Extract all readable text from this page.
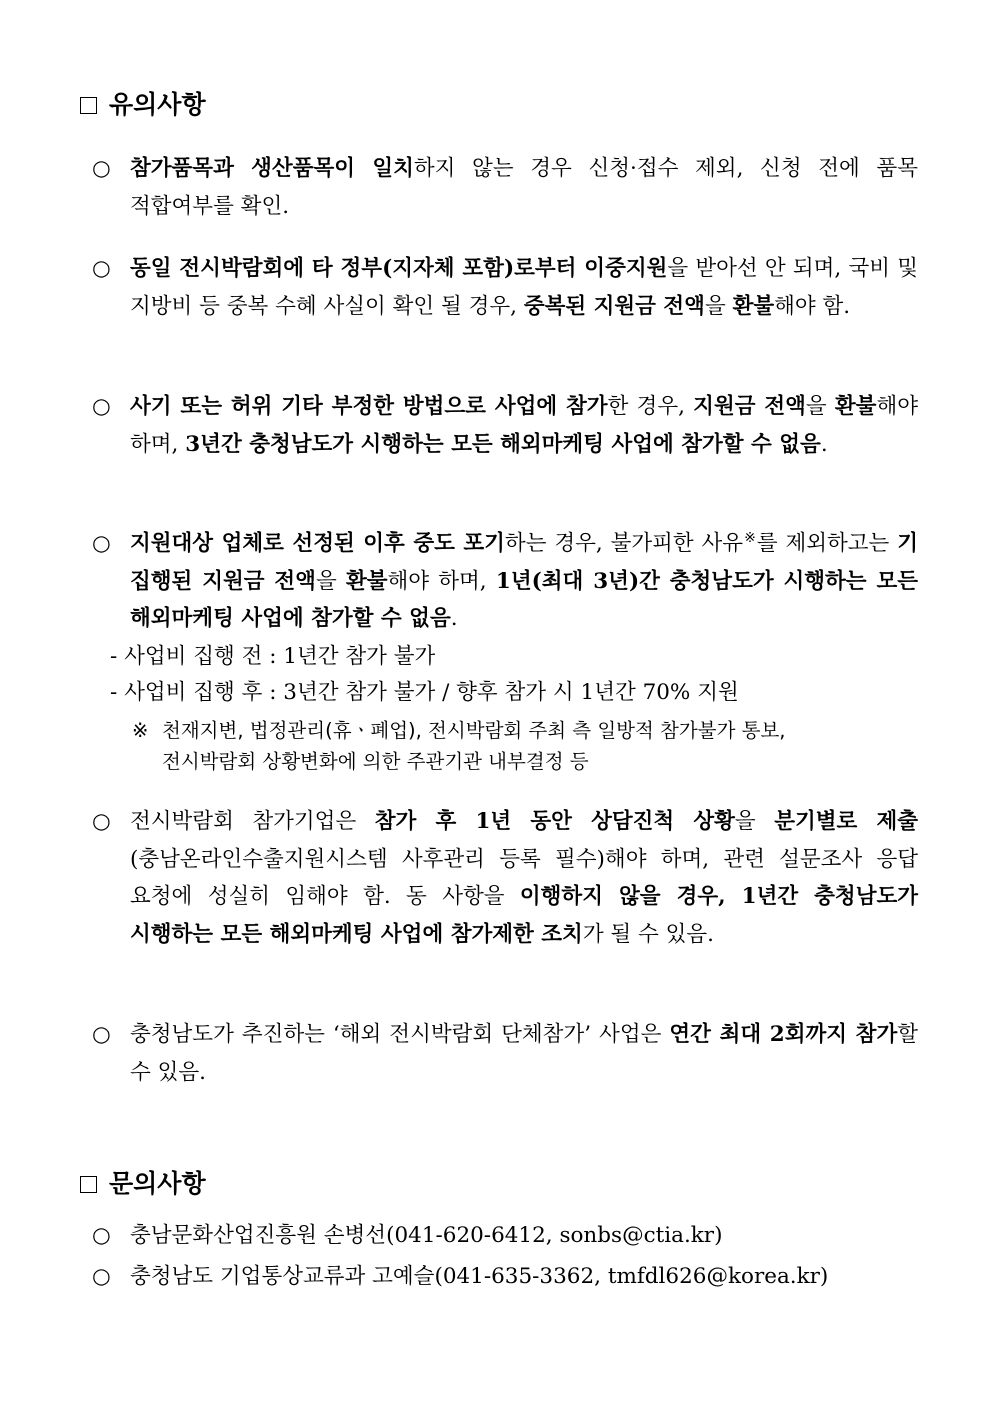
유의사항
○ 참가품목과 생산품목이 일치하지 않는 경우 신청·접수 제외, 신청 전에 품목 적합여부를 확인.
○ 동일 전시박람회에 타 정부(지자체 포함)로부터 이중지원을 받아선 안 되며, 국비 및 지방비 등 중복 수혜 사실이 확인 될 경우, 중복된 지원금 전액을 환불해야 함.
○ 사기 또는 허위 기타 부정한 방법으로 사업에 참가한 경우, 지원금 전액을 환불해야 하며, 3년간 충청남도가 시행하는 모든 해외마케팅 사업에 참가할 수 없음.
○ 지원대상 업체로 선정된 이후 중도 포기하는 경우, 불가피한 사유※를 제외하고는 기 집행된 지원금 전액을 환불해야 하며, 1년(최대 3년)간 충청남도가 시행하는 모든 해외마케팅 사업에 참가할 수 없음.
- 사업비 집행 전 : 1년간 참가 불가
- 사업비 집행 후 : 3년간 참가 불가 / 향후 참가 시 1년간 70% 지원
※ 천재지변, 법정관리(휴ㆍ폐업), 전시박람회 주최 측 일방적 참가불가 통보,
전시박람회 상황변화에 의한 주관기관 내부결정 등
○ 전시박람회 참가기업은 참가 후 1년 동안 상담진척 상황을 분기별로 제출(충남온라인수출지원시스템 사후관리 등록 필수)해야 하며, 관련 설문조사 응답 요청에 성실히 임해야 함. 동 사항을 이행하지 않을 경우, 1년간 충청남도가 시행하는 모든 해외마케팅 사업에 참가제한 조치가 될 수 있음.
○ 충청남도가 추진하는 ‘해외 전시박람회 단체참가’ 사업은 연간 최대 2회까지 참가할 수 있음.
문의사항
○ 충남문화산업진흥원 손병선(041-620-6412, sonbs@ctia.kr)
○ 충청남도 기업통상교류과 고예슬(041-635-3362, tmfdl626@korea.kr)
